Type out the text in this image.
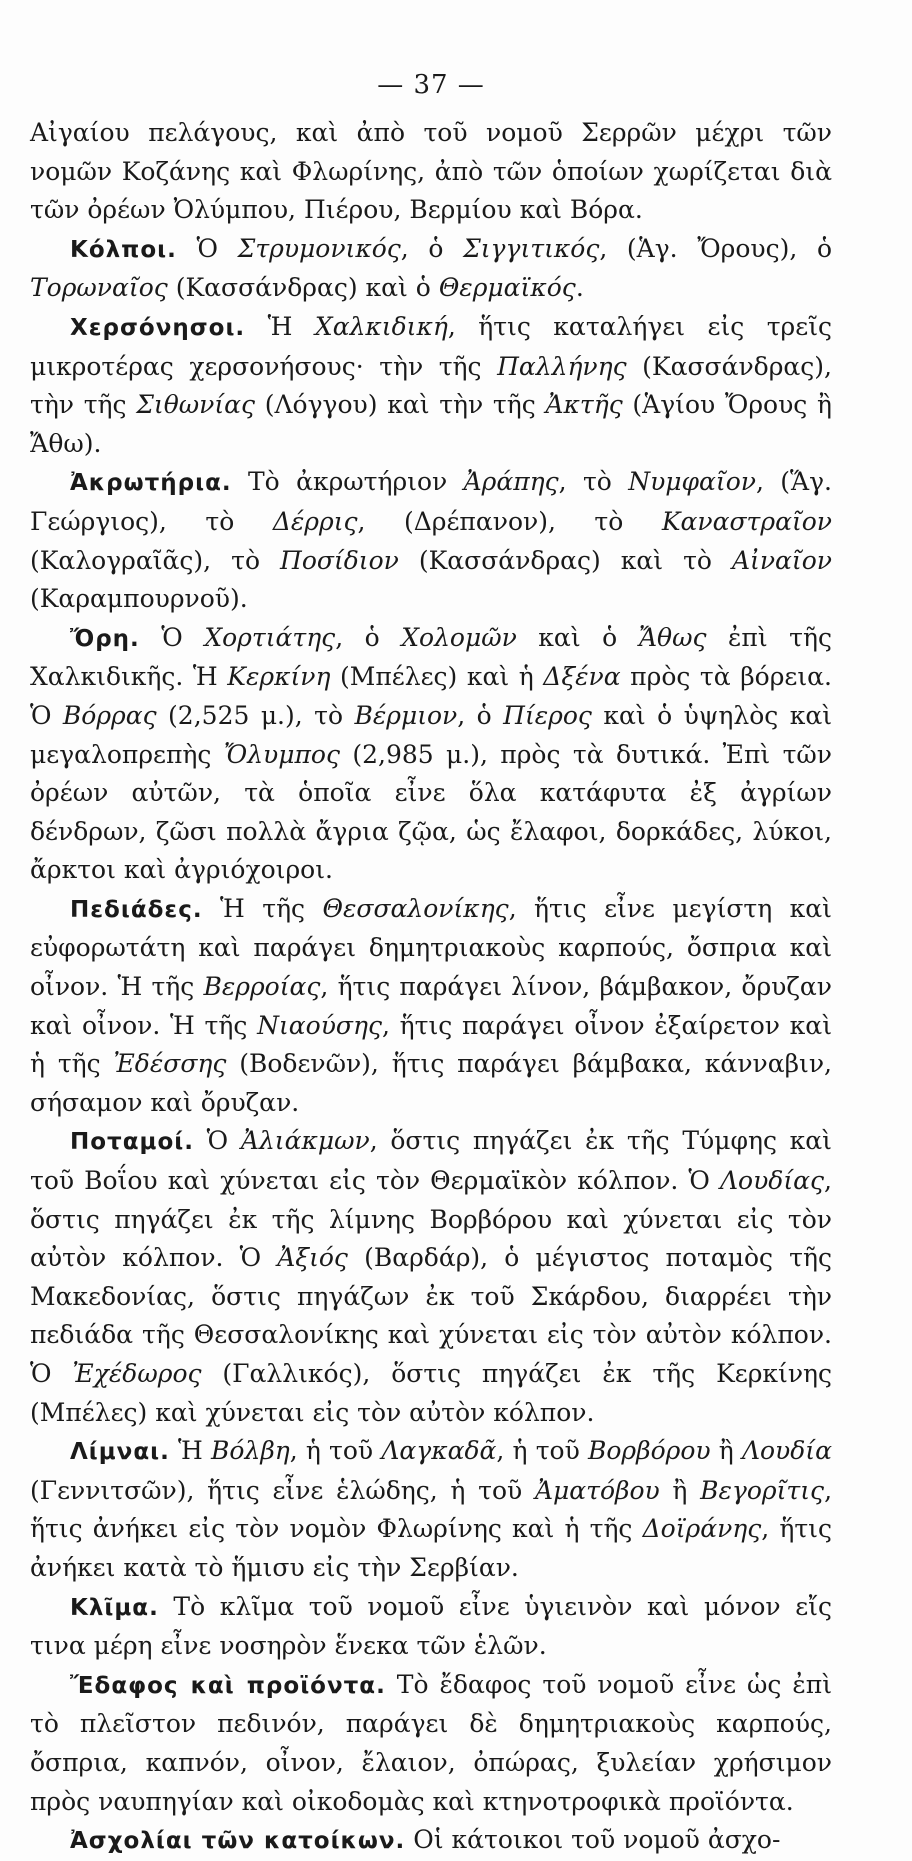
— 37 —

Αἰγαίου πελάγους, καὶ ἀπὸ τοῦ νομοῦ Σερρῶν μέχρι τῶν νομῶν Κοζάνης καὶ Φλωρίνης, ἀπὸ τῶν ὁποίων χωρίζεται διὰ τῶν ὀρέων Ὀλύμπου, Πιέρου, Βερμίου καὶ Βόρα.

Κόλποι. Ὁ Στρυμονικός, ὁ Σιγγιτικός, (Ἁγ. Ὄρους), ὁ Τορωναῖος (Κασσάνδρας) καὶ ὁ Θερμαϊκός.

Χερσόνησοι. Ἡ Χαλκιδική, ἥτις καταλήγει εἰς τρεῖς μικροτέρας χερσονήσους· τὴν τῆς Παλλήνης (Κασσάνδρας), τὴν τῆς Σιθωνίας (Λόγγου) καὶ τὴν τῆς Ἀκτῆς (Ἁγίου Ὄρους ἢ Ἄθω).

Ἀκρωτήρια. Τὸ ἀκρωτήριον Ἀράπης, τὸ Νυμφαῖον, (Ἅγ. Γεώργιος), τὸ Δέρρις, (Δρέπανον), τὸ Καναστραῖον (Καλογραῖᾶς), τὸ Ποσίδιον (Κασσάνδρας) καὶ τὸ Αἰναῖον (Καραμπουρνοῦ).

Ὄρη. Ὁ Χορτιάτης, ὁ Χολομῶν καὶ ὁ Ἄθως ἐπὶ τῆς Χαλκιδικῆς. Ἡ Κερκίνη (Μπέλες) καὶ ἡ Δξένα πρὸς τὰ βόρεια. Ὁ Βόρρας (2,525 μ.), τὸ Βέρμιον, ὁ Πίερος καὶ ὁ ὑψηλὸς καὶ μεγαλοπρεπὴς Ὄλυμπος (2,985 μ.), πρὸς τὰ δυτικά. Ἐπὶ τῶν ὀρέων αὐτῶν, τὰ ὁποῖα εἶνε ὅλα κατάφυτα ἐξ ἀγρίων δένδρων, ζῶσι πολλὰ ἄγρια ζῷα, ὡς ἔλαφοι, δορκάδες, λύκοι, ἄρκτοι καὶ ἀγριόχοιροι.

Πεδιάδες. Ἡ τῆς Θεσσαλονίκης, ἥτις εἶνε μεγίστη καὶ εὐφορωτάτη καὶ παράγει δημητριακοὺς καρπούς, ὄσπρια καὶ οἶνον. Ἡ τῆς Βερροίας, ἥτις παράγει λίνον, βάμβακον, ὄρυζαν καὶ οἶνον. Ἡ τῆς Νιαούσης, ἥτις παράγει οἶνον ἐξαίρετον καὶ ἡ τῆς Ἐδέσσης (Βοδενῶν), ἥτις παράγει βάμβακα, κάνναβιν, σήσαμον καὶ ὄρυζαν.

Ποταμοί. Ὁ Ἀλιάκμων, ὅστις πηγάζει ἐκ τῆς Τύμφης καὶ τοῦ Βοΐου καὶ χύνεται εἰς τὸν Θερμαϊκὸν κόλπον. Ὁ Λουδίας, ὅστις πηγάζει ἐκ τῆς λίμνης Βορβόρου καὶ χύνεται εἰς τὸν αὐτὸν κόλπον. Ὁ Ἀξιός (Βαρδάρ), ὁ μέγιστος ποταμὸς τῆς Μακεδονίας, ὅστις πηγάζων ἐκ τοῦ Σκάρδου, διαρρέει τὴν πεδιάδα τῆς Θεσσαλονίκης καὶ χύνεται εἰς τὸν αὐτὸν κόλπον. Ὁ Ἐχέδωρος (Γαλλικός), ὅστις πηγάζει ἐκ τῆς Κερκίνης (Μπέλες) καὶ χύνεται εἰς τὸν αὐτὸν κόλπον.

Λίμναι. Ἡ Βόλβη, ἡ τοῦ Λαγκαδᾶ, ἡ τοῦ Βορβόρου ἢ Λουδία (Γεννιτσῶν), ἥτις εἶνε ἑλώδης, ἡ τοῦ Ἀματόβου ἢ Βεγορῖτις, ἥτις ἀνήκει εἰς τὸν νομὸν Φλωρίνης καὶ ἡ τῆς Δοϊράνης, ἥτις ἀνήκει κατὰ τὸ ἥμισυ εἰς τὴν Σερβίαν.

Κλῖμα. Τὸ κλῖμα τοῦ νομοῦ εἶνε ὑγιεινὸν καὶ μόνον εἴς τινα μέρη εἶνε νοσηρὸν ἕνεκα τῶν ἑλῶν.

Ἔδαφος καὶ προϊόντα. Τὸ ἔδαφος τοῦ νομοῦ εἶνε ὡς ἐπὶ τὸ πλεῖστον πεδινόν, παράγει δὲ δημητριακοὺς καρπούς, ὄσπρια, καπνόν, οἶνον, ἔλαιον, ὀπώρας, ξυλείαν χρήσιμον πρὸς ναυπηγίαν καὶ οἰκοδομὰς καὶ κτηνοτροφικὰ προϊόντα.

Ἀσχολίαι τῶν κατοίκων. Οἱ κάτοικοι τοῦ νομοῦ ἀσχο-
